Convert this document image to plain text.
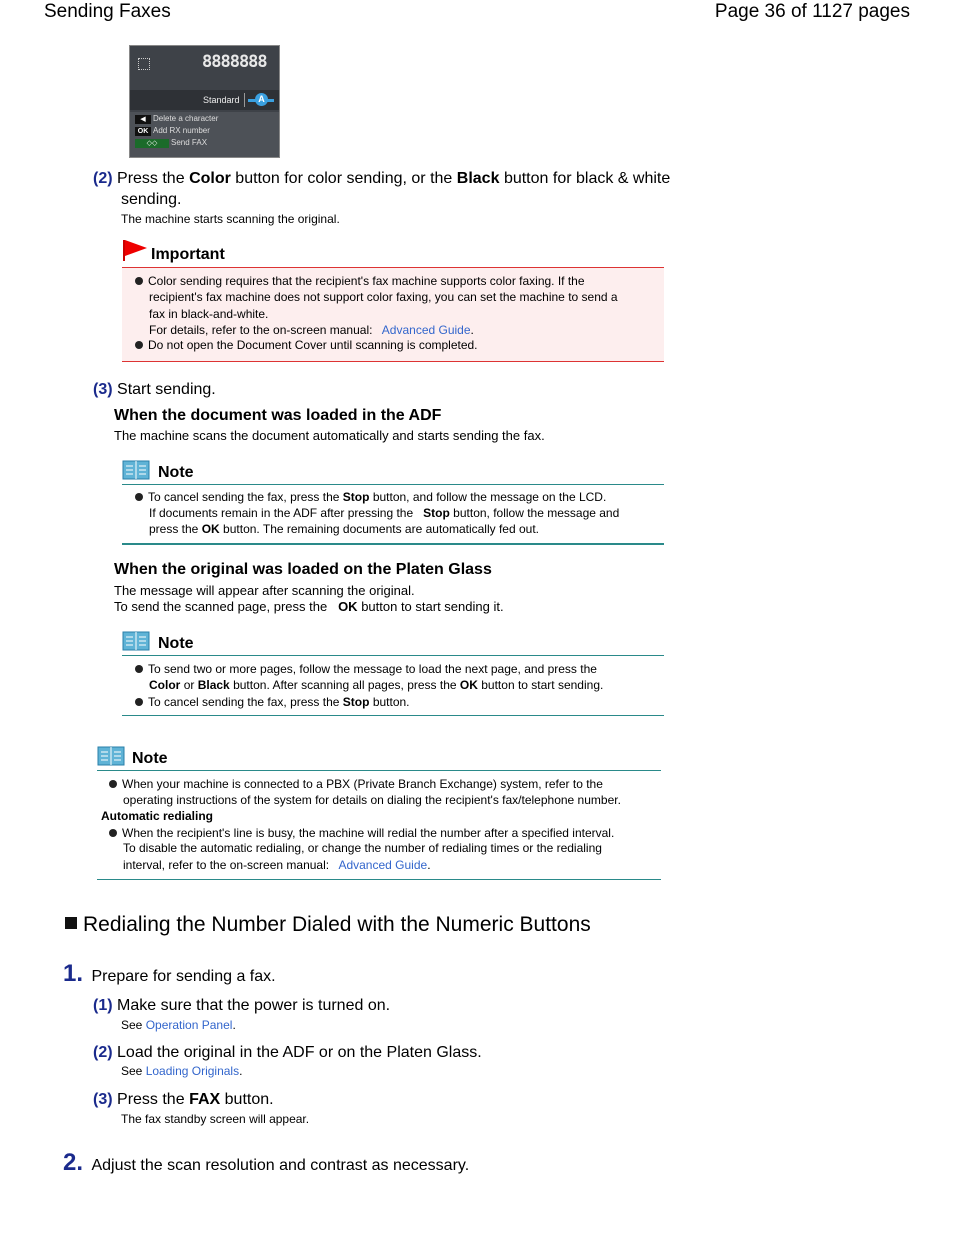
Sending Faxes	Page 36 of 1127 pages
8888888
Standard	A
◀ Delete a character
OK Add RX number
◇◇	Send FAX
(2) Press the Color button for color sending, or the Black button for black & white
sending.
The machine starts scanning the original.
Important
Color sending requires that the recipient's fax machine supports color faxing. If the
recipient's fax machine does not support color faxing, you can set the machine to send a
fax in black-and-white.
For details, refer to the on-screen manual: Advanced Guide.
Do not open the Document Cover until scanning is completed.
(3) Start sending.
When the document was loaded in the ADF
The machine scans the document automatically and starts sending the fax.
Note
To cancel sending the fax, press the Stop button, and follow the message on the LCD.
If documents remain in the ADF after pressing the Stop button, follow the message and
press the OK button. The remaining documents are automatically fed out.
When the original was loaded on the Platen Glass
The message will appear after scanning the original.
To send the scanned page, press the OK button to start sending it.
Note
To send two or more pages, follow the message to load the next page, and press the
Color or Black button. After scanning all pages, press the OK button to start sending.
To cancel sending the fax, press the Stop button.
Note
When your machine is connected to a PBX (Private Branch Exchange) system, refer to the
operating instructions of the system for details on dialing the recipient's fax/telephone number.
Automatic redialing
When the recipient's line is busy, the machine will redial the number after a specified interval.
To disable the automatic redialing, or change the number of redialing times or the redialing
interval, refer to the on-screen manual: Advanced Guide.
Redialing the Number Dialed with the Numeric Buttons
1. Prepare for sending a fax.
(1) Make sure that the power is turned on.
See Operation Panel.
(2) Load the original in the ADF or on the Platen Glass.
See Loading Originals.
(3) Press the FAX button.
The fax standby screen will appear.
2. Adjust the scan resolution and contrast as necessary.
